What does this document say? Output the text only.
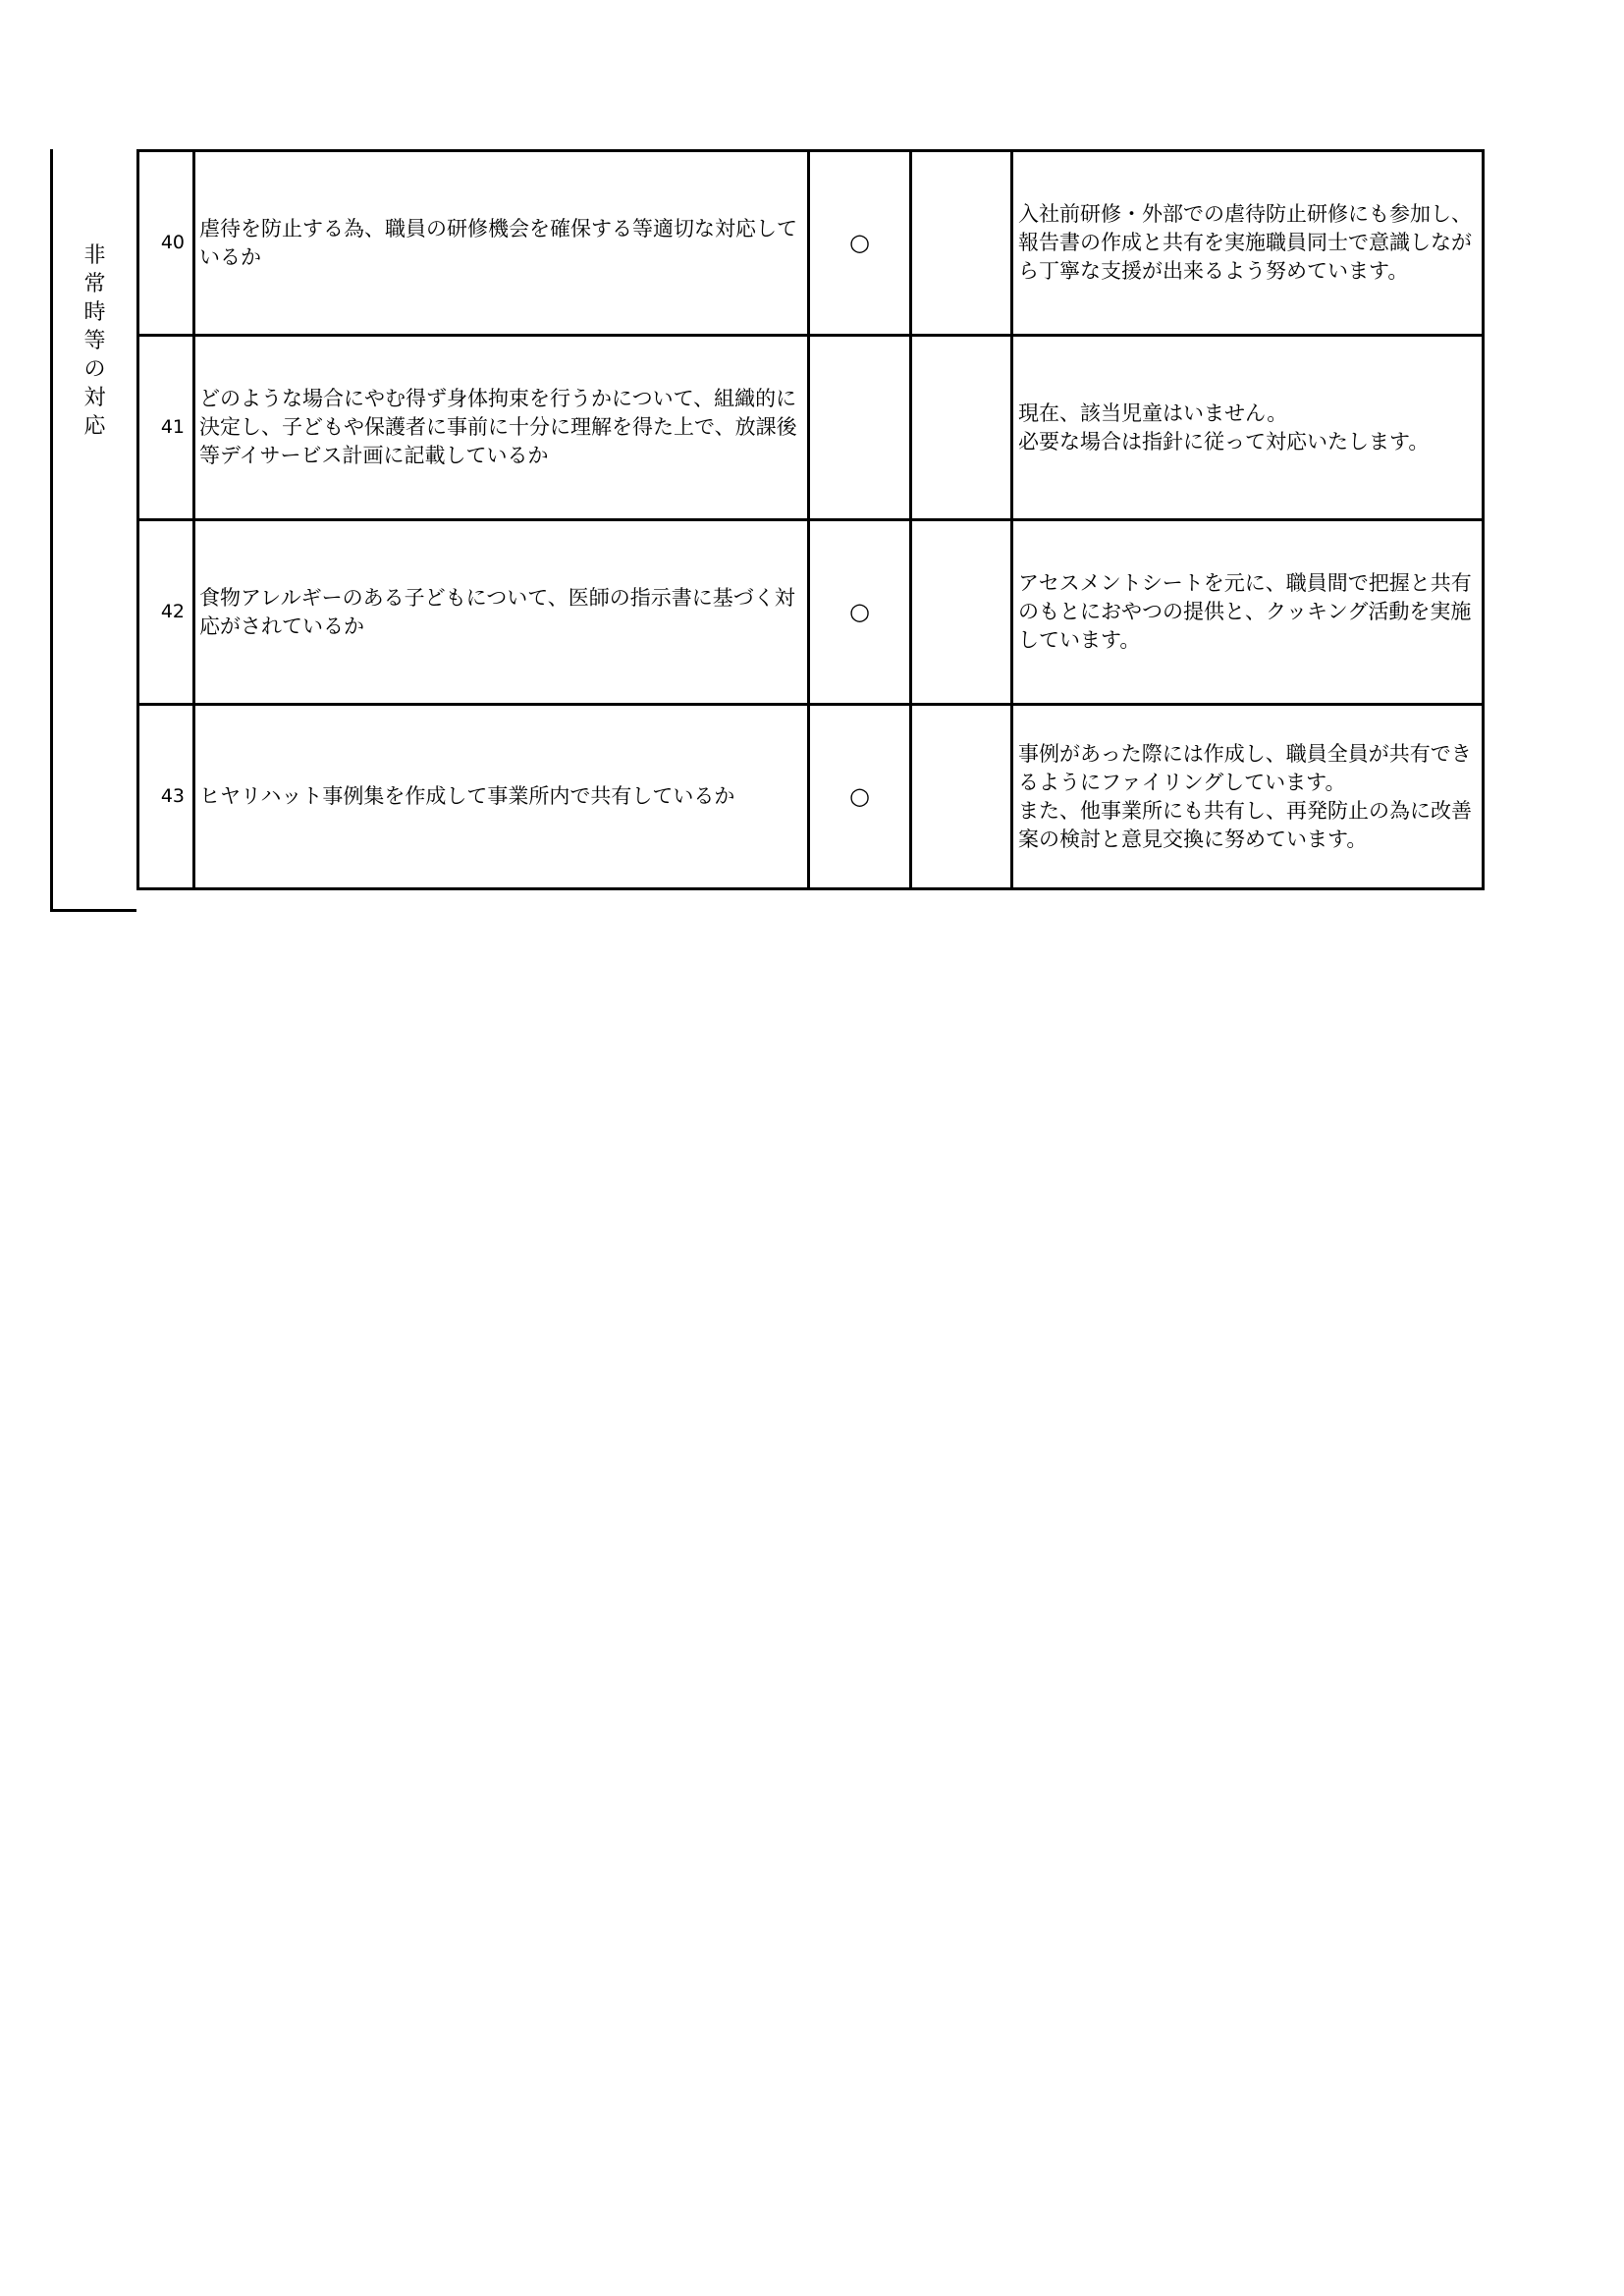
非
常
時
等
の
対
応
40	虐待を防止する為、職員の研修機会を確保する等適切な対応しているか	○		入社前研修・外部での虐待防止研修にも参加し、報告書の作成と共有を実施職員同士で意識しながら丁寧な支援が出来るよう努めています。
41	どのような場合にやむ得ず身体拘束を行うかについて、組織的に決定し、子どもや保護者に事前に十分に理解を得た上で、放課後等デイサービス計画に記載しているか			現在、該当児童はいません。
必要な場合は指針に従って対応いたします。
42	食物アレルギーのある子どもについて、医師の指示書に基づく対応がされているか	○		アセスメントシートを元に、職員間で把握と共有のもとにおやつの提供と、クッキング活動を実施しています。
43	ヒヤリハット事例集を作成して事業所内で共有しているか	○		事例があった際には作成し、職員全員が共有できるようにファイリングしています。
また、他事業所にも共有し、再発防止の為に改善案の検討と意見交換に努めています。
